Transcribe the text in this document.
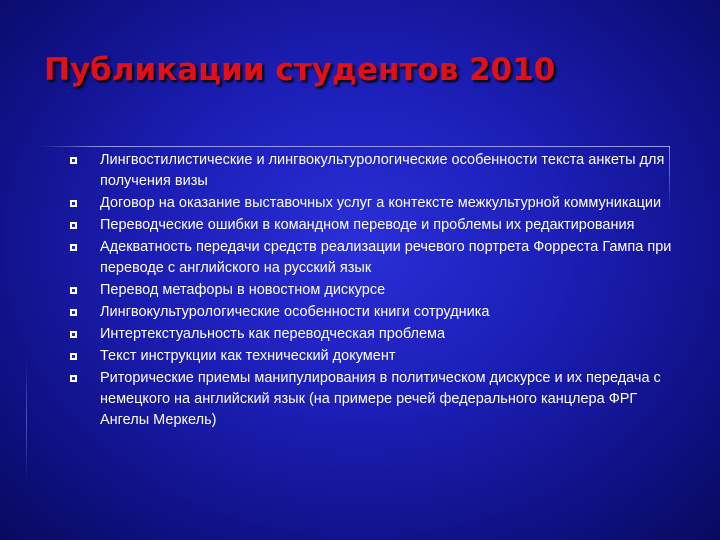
Публикации студентов 2010
Лингвостилистические и лингвокультурологические особенности текста анкеты для получения визы
Договор на оказание выставочных услуг а контексте межкультурной коммуникации
Переводческие ошибки в командном переводе и проблемы их редактирования
Адекватность передачи средств реализации речевого портрета Форреста Гампа при переводе с английского на русский язык
Перевод метафоры в новостном дискурсе
Лингвокультурологические особенности книги сотрудника
Интертекстуальность как переводческая проблема
Текст инструкции как технический документ
Риторические приемы манипулирования в политическом дискурсе и их передача с немецкого на английский язык (на примере речей федерального канцлера ФРГ Ангелы Меркель)
